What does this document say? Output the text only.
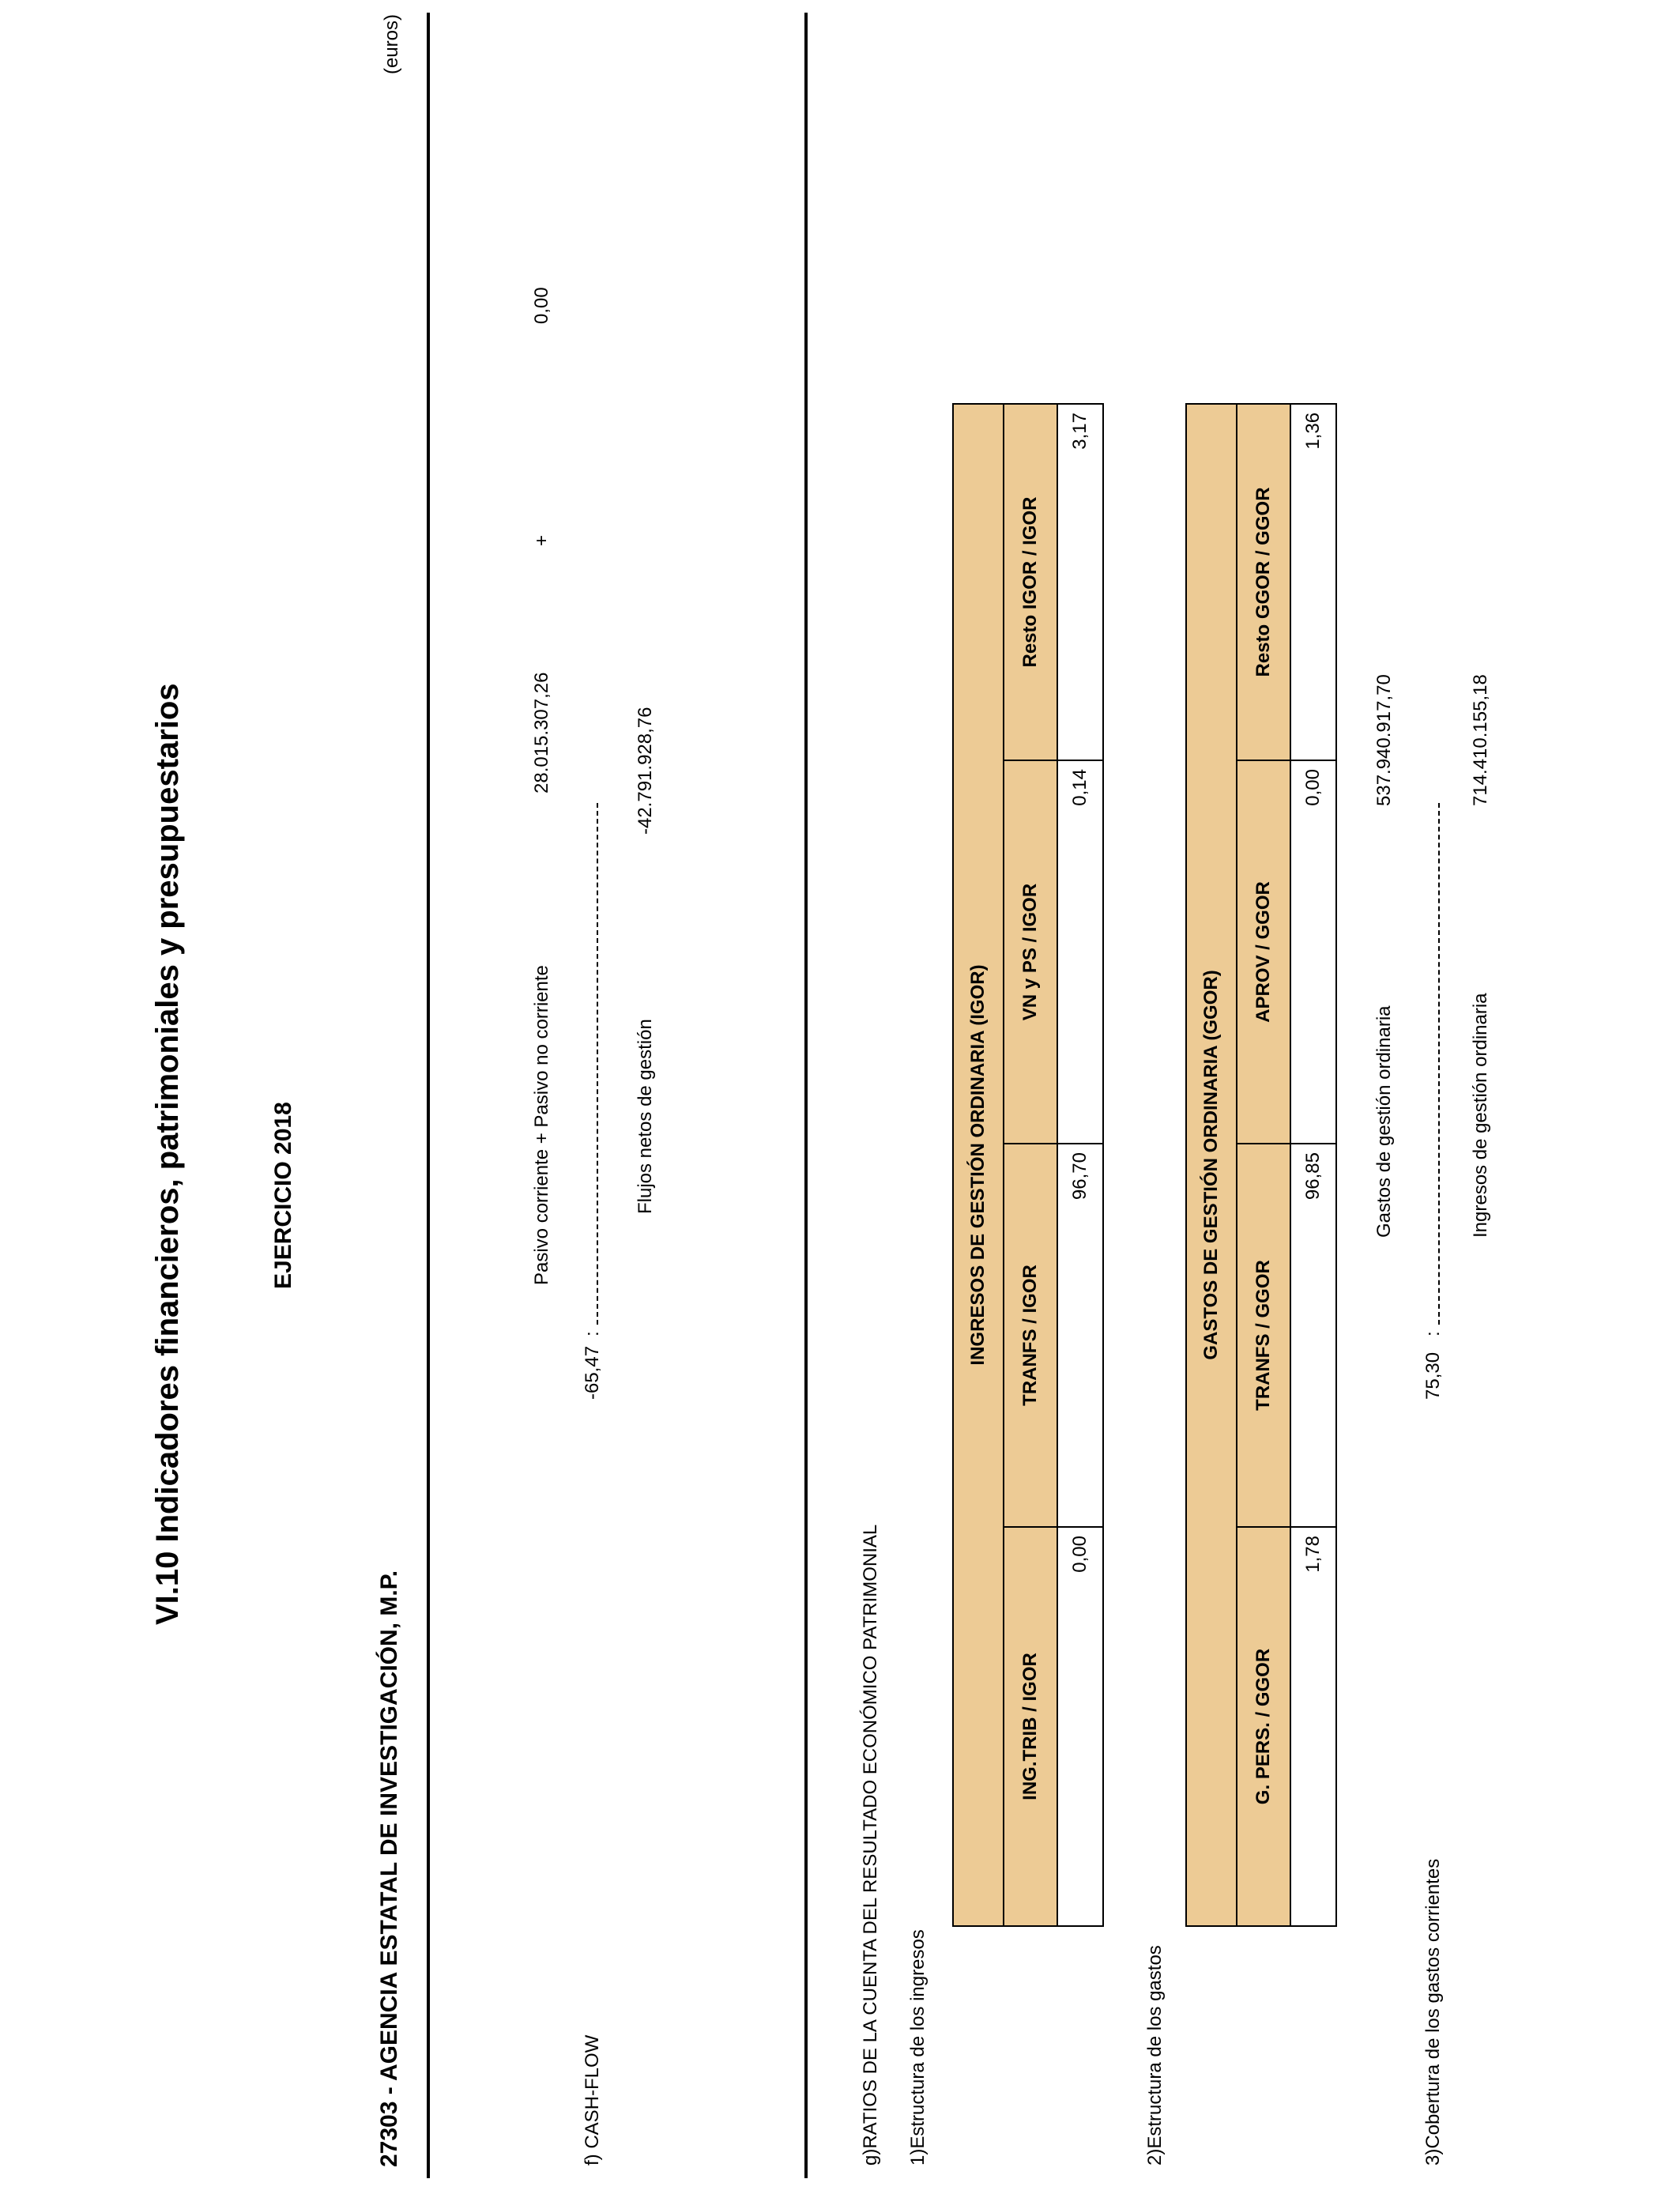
VI.10 Indicadores financieros, patrimoniales y presupuestarios	EJERCICIO 2018
27303 - AGENCIA ESTATAL DE INVESTIGACIÓN, M.P.
(euros)
f) CASH-FLOW
-65,47
:
Pasivo corriente + Pasivo no corriente
28.015.307,26
+
0,00
Flujos netos de gestión
-42.791.928,76
g)RATIOS DE LA CUENTA DEL RESULTADO ECONÓMICO PATRIMONIAL 1)Estructura de los ingresos
INGRESOS DE GESTIÓN ORDINARIA (IGOR)			
ING.TRIB / IGOR	TRANFS / IGOR	VN y PS / IGOR	Resto IGOR / IGOR
0,00	96,70	0,14	3,17
2)Estructura de los gastos
GASTOS DE GESTIÓN ORDINARIA (GGOR)			
G. PERS. / GGOR	TRANFS / GGOR	APROV / GGOR	Resto GGOR / GGOR
1,78	96,85	0,00	1,36
3)Cobertura de los gastos corrientes
75,30
:
Gastos de gestión ordinaria
537.940.917,70
Ingresos de gestión ordinaria
714.410.155,18
